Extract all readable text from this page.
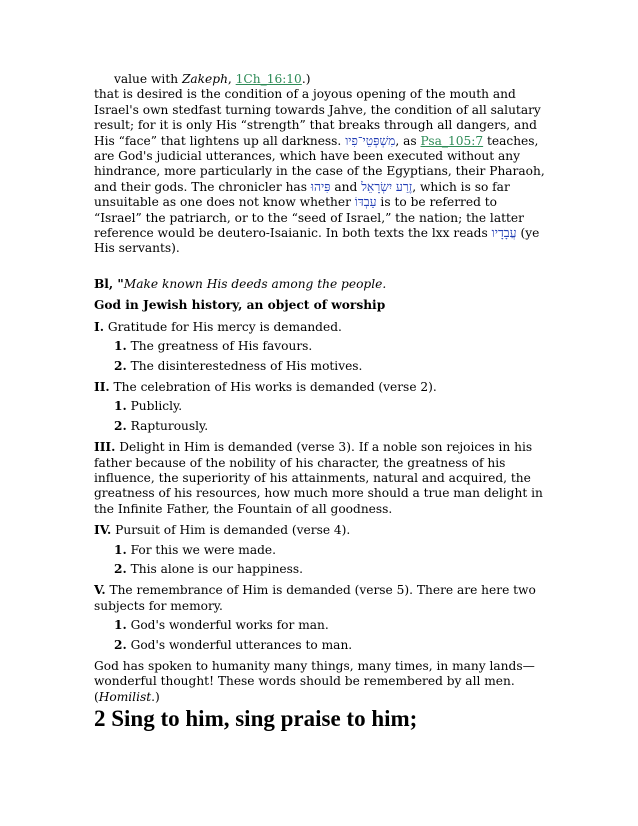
value with Zakeph, 1Ch_16:10.)

that is desired is the condition of a joyous opening of the mouth and Israel's own stedfast turning towards Jahve, the condition of all salutary result; for it is only His “strength” that breaks through all dangers, and His “face” that lightens up all darkness. מִשְׁפְּטֵי־פִיו, as Psa_105:7 teaches, are God's judicial utterances, which have been executed without any hindrance, more particularly in the case of the Egyptians, their Pharaoh, and their gods. The chronicler has פִּיהוּ and זֶרַע יִשְׂרָאֵל, which is so far unsuitable as one does not know whether עַבְדּוֹ is to be referred to “Israel” the patriarch, or to the “seed of Israel,” the nation; the latter reference would be deutero-Isaianic. In both texts the lxx reads עֲבָדָיו (ye His servants).

Bl, "Make known His deeds among the people.

God in Jewish history, an object of worship

I. Gratitude for His mercy is demanded.

1. The greatness of His favours.

2. The disinterestedness of His motives.

II. The celebration of His works is demanded (verse 2).

1. Publicly.

2. Rapturously.

III. Delight in Him is demanded (verse 3). If a noble son rejoices in his father because of the nobility of his character, the greatness of his influence, the superiority of his attainments, natural and acquired, the greatness of his resources, how much more should a true man delight in the Infinite Father, the Fountain of all goodness.

IV. Pursuit of Him is demanded (verse 4).

1. For this we were made.

2. This alone is our happiness.

V. The remembrance of Him is demanded (verse 5). There are here two subjects for memory.

1. God's wonderful works for man.

2. God's wonderful utterances to man.

God has spoken to humanity many things, many times, in many lands—wonderful thought! These words should be remembered by all men. (Homilist.)

2 Sing to him, sing praise to him;
